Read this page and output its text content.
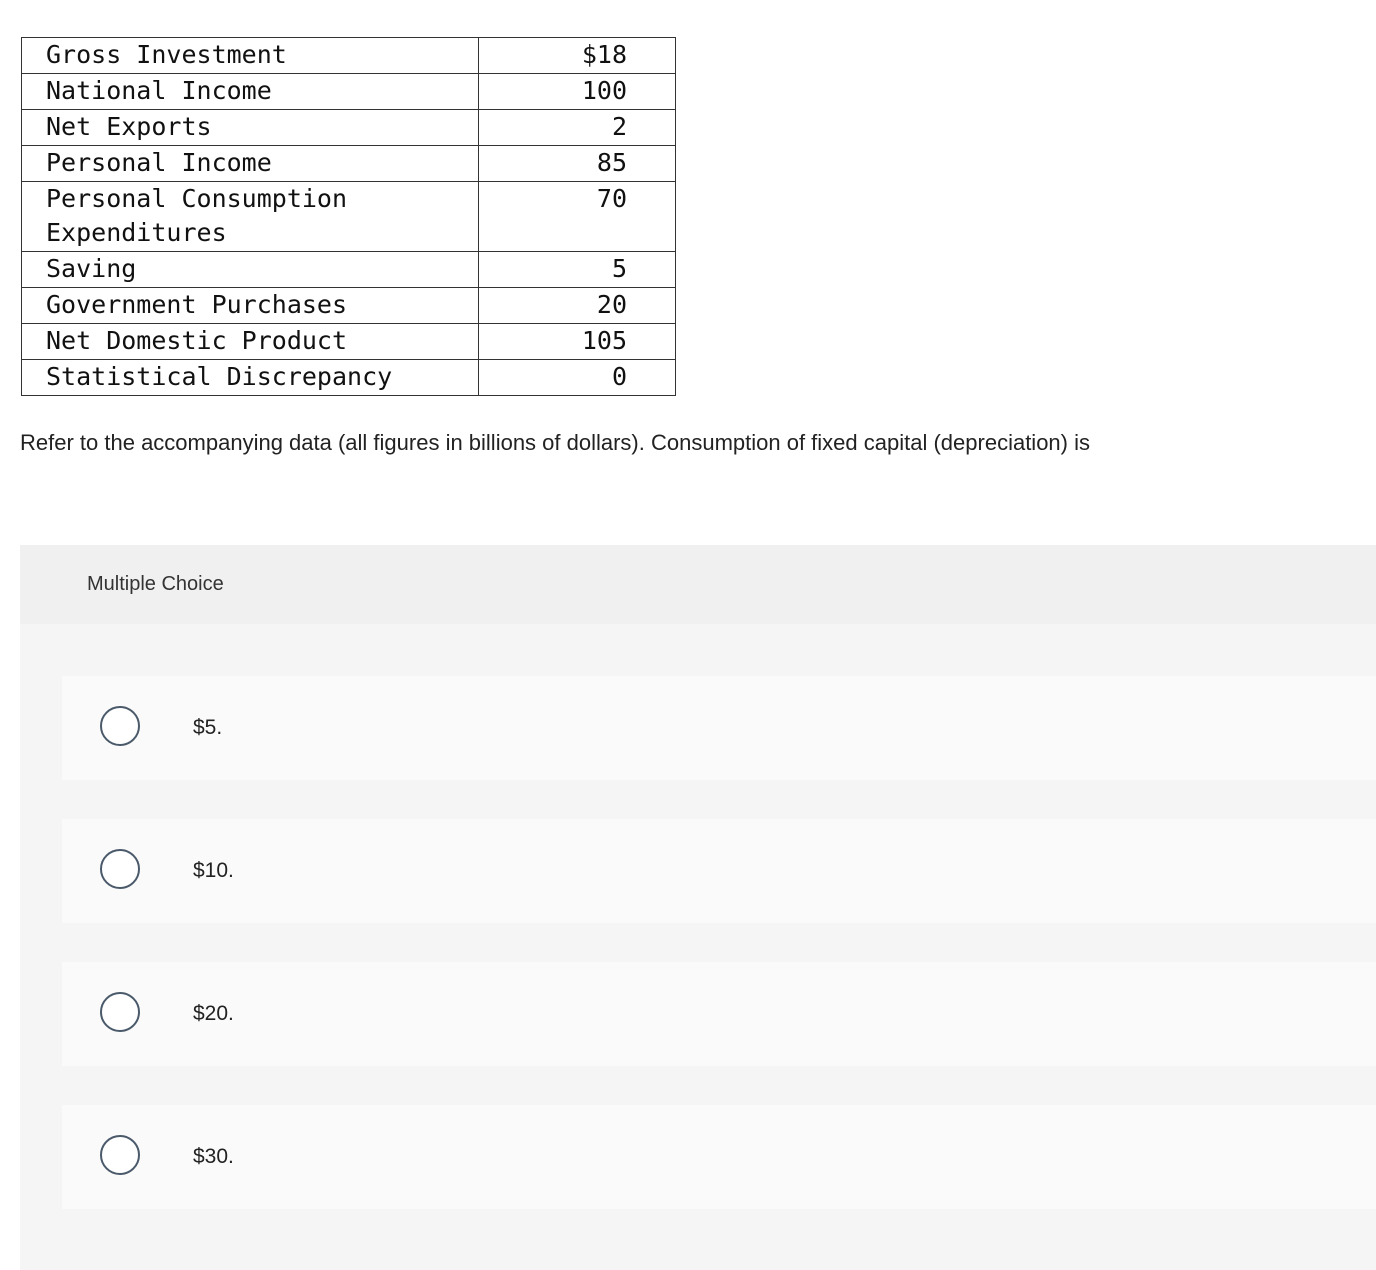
Gross Investment	$18
National Income	100
Net Exports	2
Personal Income	85
Personal Consumption Expenditures	70
Saving	5
Government Purchases	20
Net Domestic Product	105
Statistical Discrepancy	0
Refer to the accompanying data (all figures in billions of dollars). Consumption of fixed capital (depreciation) is
Multiple Choice
$5.
$10.
$20.
$30.
